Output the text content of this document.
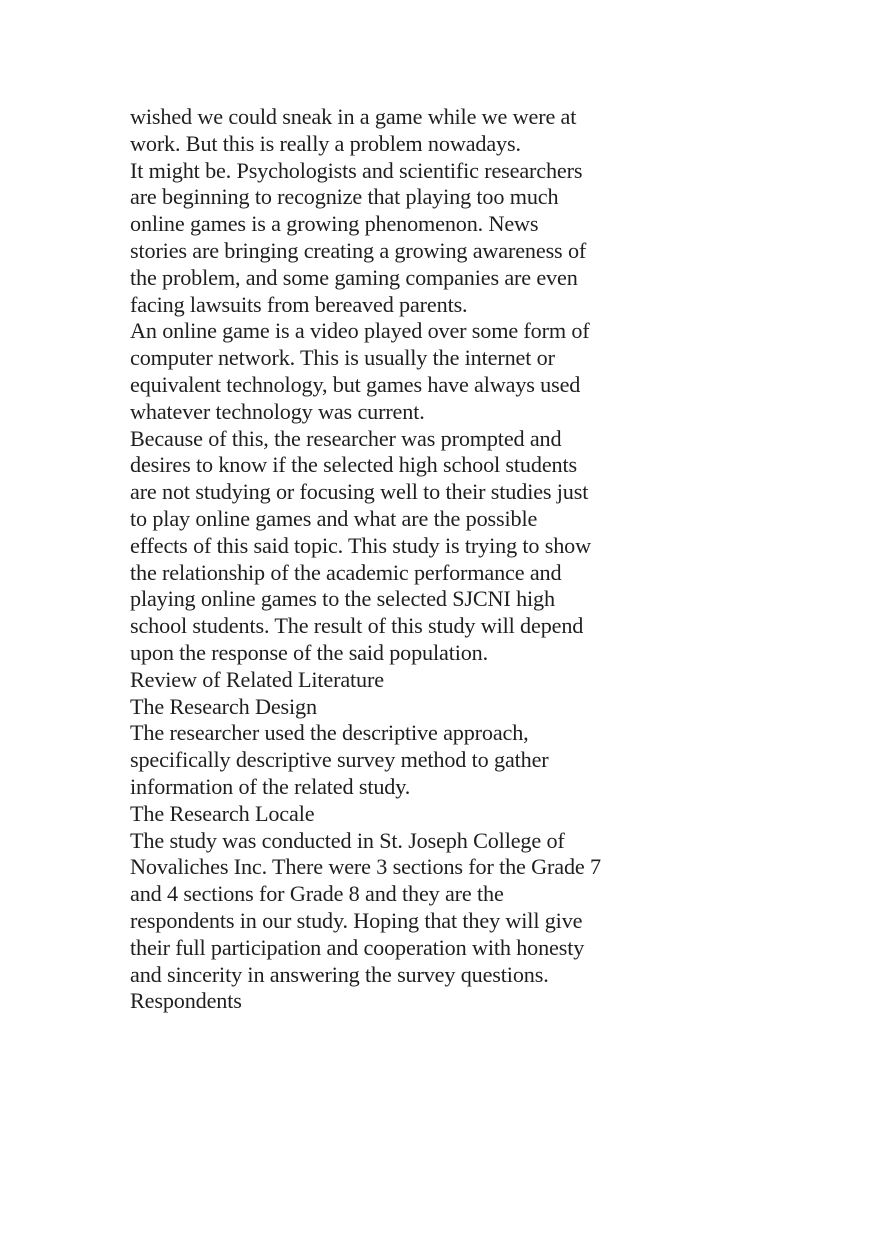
wished we could sneak in a game while we were at
work. But this is really a problem nowadays.
It might be. Psychologists and scientific researchers
are beginning to recognize that playing too much
online games is a growing phenomenon. News
stories are bringing creating a growing awareness of
the problem, and some gaming companies are even
facing lawsuits from bereaved parents.
An online game is a video played over some form of
computer network. This is usually the internet or
equivalent technology, but games have always used
whatever technology was current.
Because of this, the researcher was prompted and
desires to know if the selected high school students
are not studying or focusing well to their studies just
to play online games and what are the possible
effects of this said topic. This study is trying to show
the relationship of the academic performance and
playing online games to the selected SJCNI high
school students. The result of this study will depend
upon the response of the said population.
Review of Related Literature
The Research Design
The researcher used the descriptive approach,
specifically descriptive survey method to gather
information of the related study.
The Research Locale
The study was conducted in St. Joseph College of
Novaliches Inc. There were 3 sections for the Grade 7
and 4 sections for Grade 8 and they are the
respondents in our study. Hoping that they will give
their full participation and cooperation with honesty
and sincerity in answering the survey questions.
Respondents
